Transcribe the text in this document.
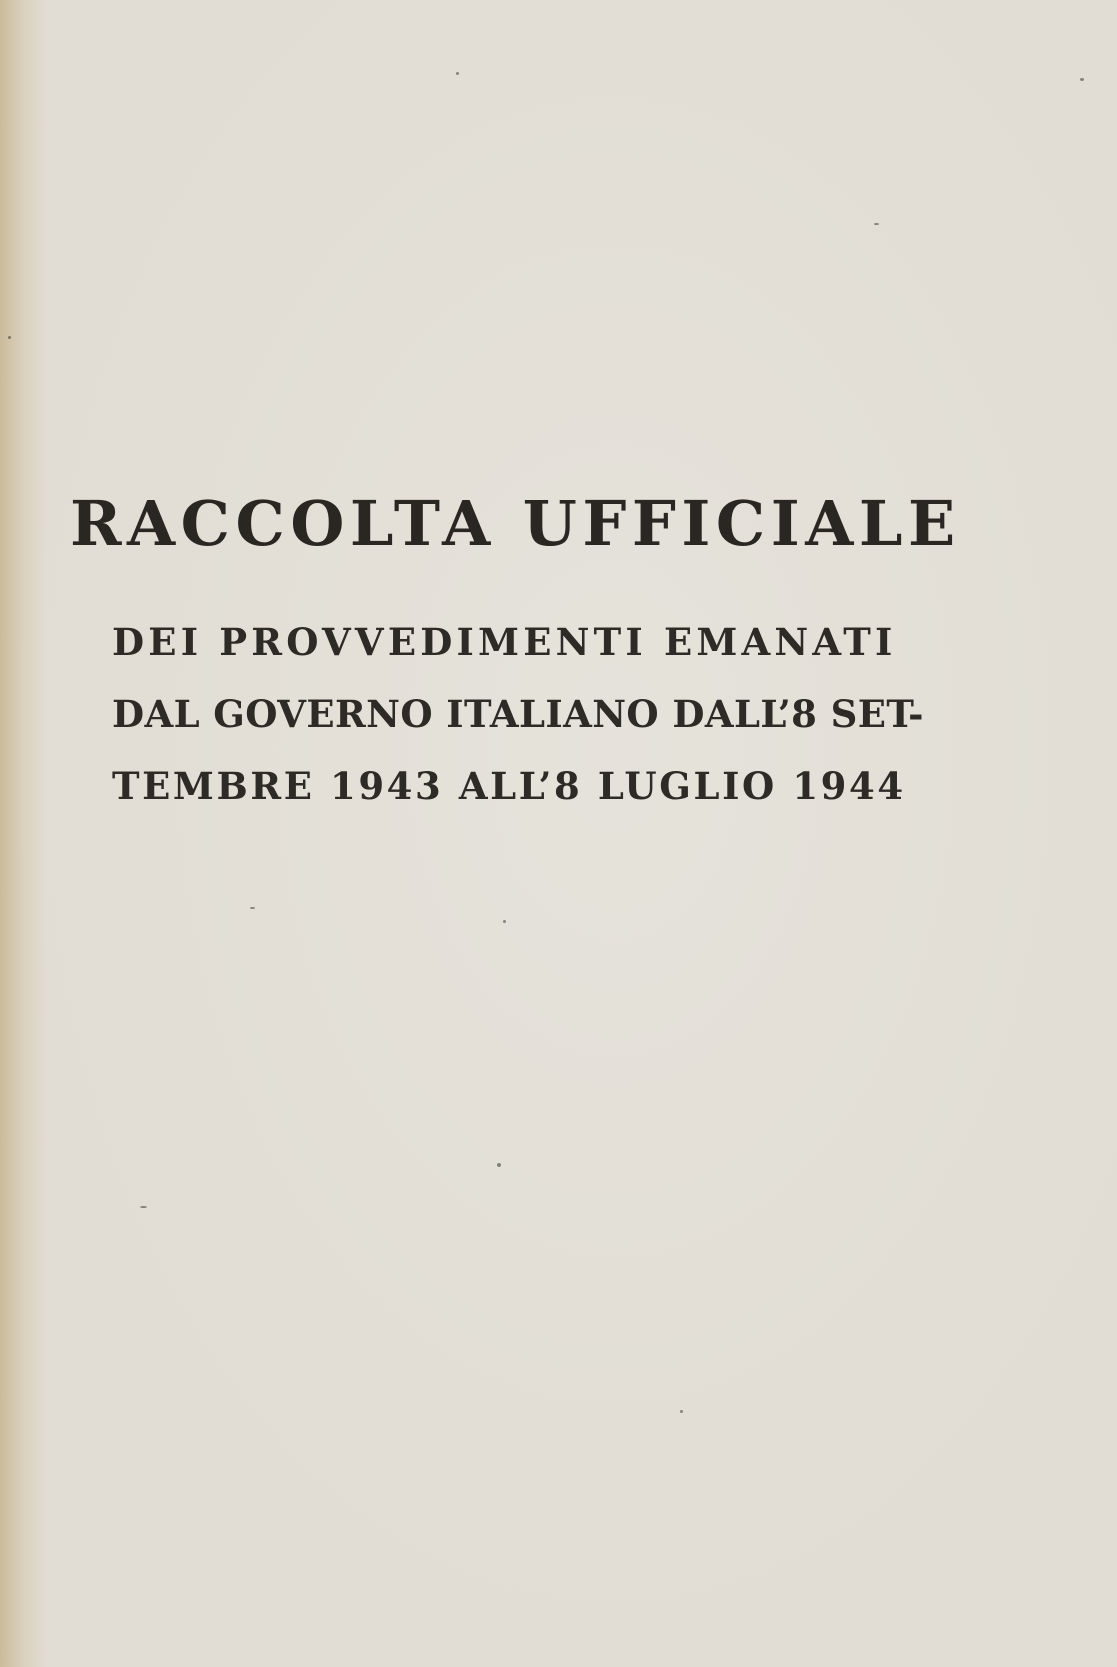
RACCOLTA UFFICIALE
DEI PROVVEDIMENTI EMANATI
DAL GOVERNO ITALIANO DALL’8 SET-
TEMBRE 1943 ALL’8 LUGLIO 1944
